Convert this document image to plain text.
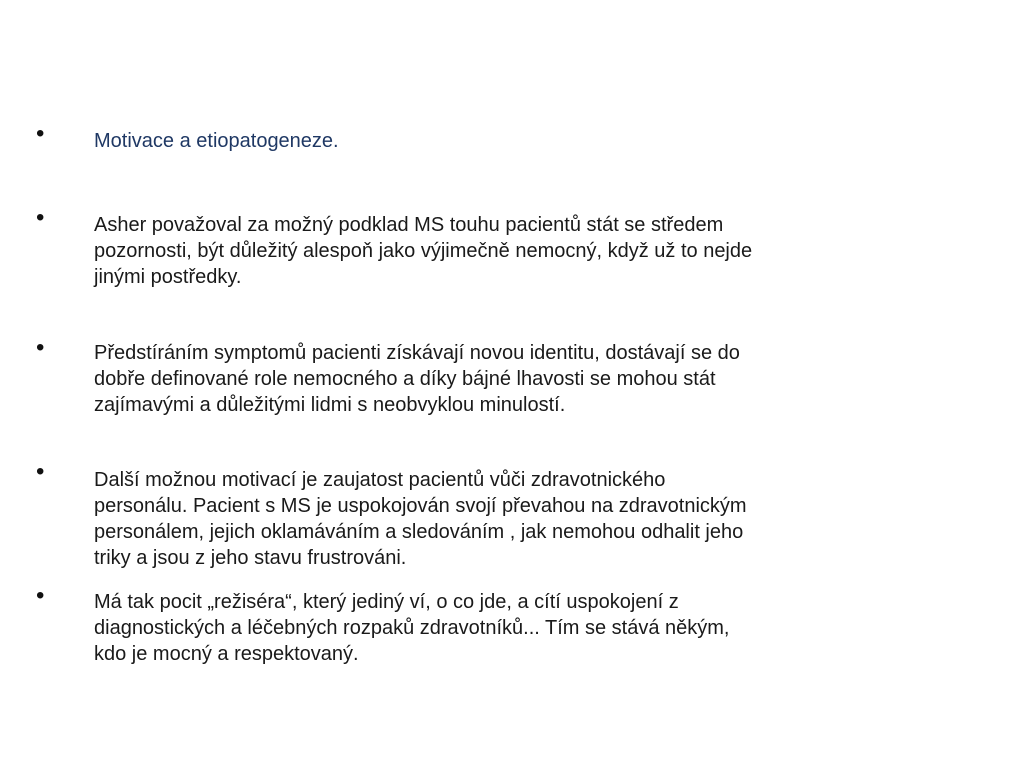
• Motivace a etiopatogeneze.
• Asher považoval za možný podklad MS touhu pacientů stát se středem
pozornosti, být důležitý alespoň jako výjimečně nemocný, když už to nejde
jinými postředky.
• Předstíráním symptomů pacienti získávají novou identitu, dostávají se do
dobře definované role nemocného a díky bájné lhavosti se mohou stát
zajímavými a důležitými lidmi s neobvyklou minulostí.
• Další možnou motivací je zaujatost pacientů vůči zdravotnického
personálu. Pacient s MS je uspokojován svojí převahou na zdravotnickým
personálem, jejich oklamáváním a sledováním , jak nemohou odhalit jeho
triky a jsou z jeho stavu frustrováni.
• Má tak pocit „režiséra“, který jediný ví, o co jde, a cítí uspokojení z
diagnostických a léčebných rozpaků zdravotníků... Tím se stává někým,
kdo je mocný a respektovaný.
